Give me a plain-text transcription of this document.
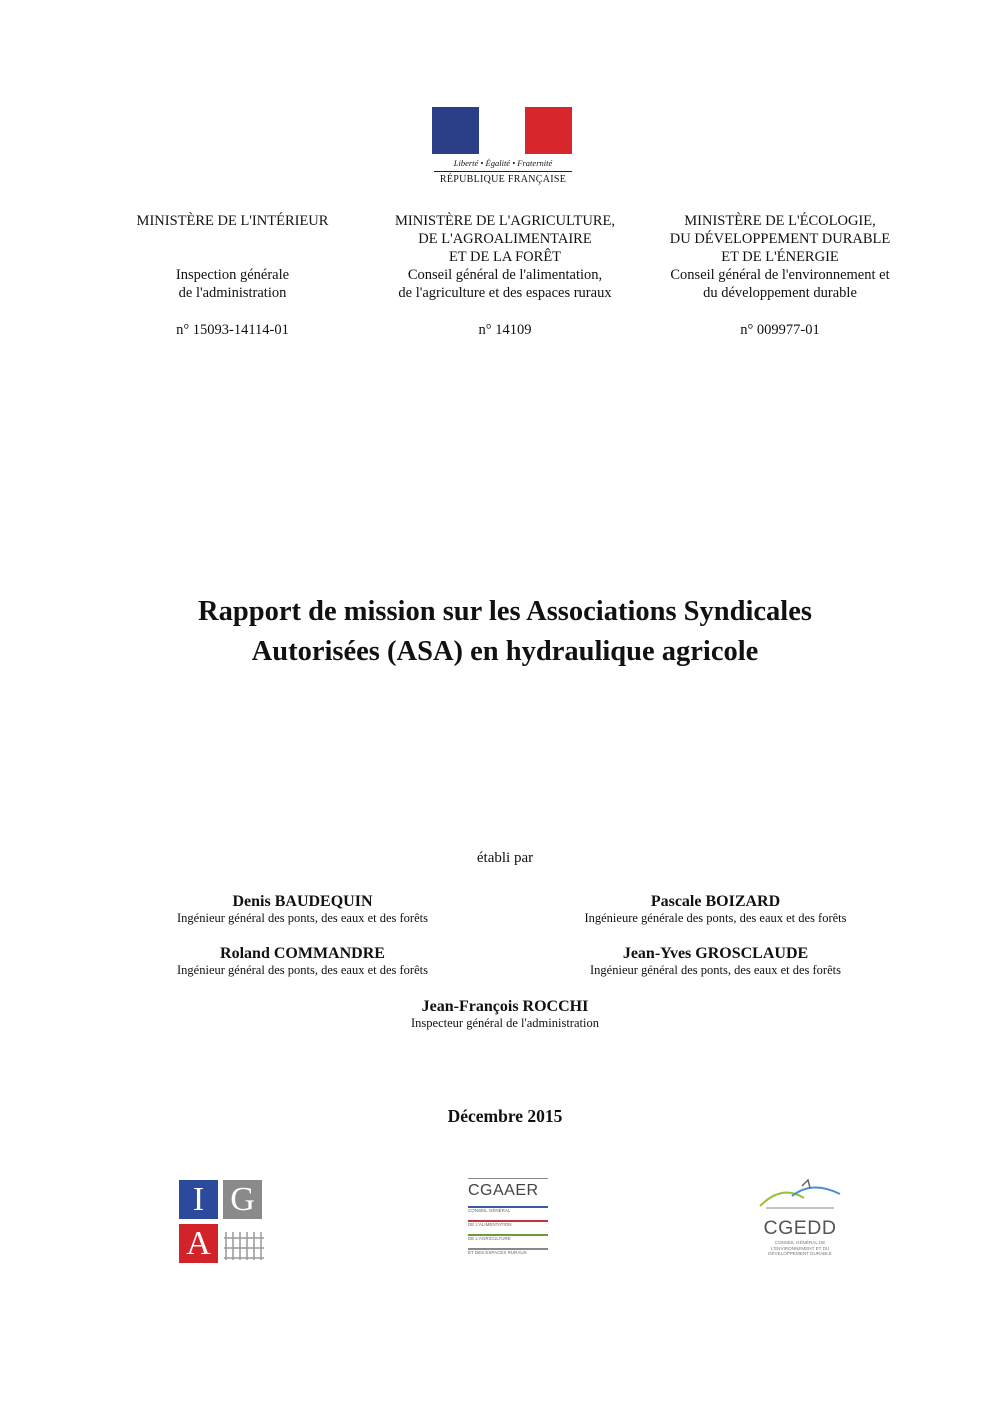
Liberté • Égalité • Fraternité
RÉPUBLIQUE FRANÇAISE
MINISTÈRE DE L'INTÉRIEUR
Inspection générale
de l'administration
n° 15093-14114-01
MINISTÈRE DE L'AGRICULTURE,
DE L'AGROALIMENTAIRE
ET DE LA FORÊT
Conseil général de l'alimentation,
de l'agriculture et des espaces ruraux
n° 14109
MINISTÈRE DE L'ÉCOLOGIE,
DU DÉVELOPPEMENT DURABLE
ET DE L'ÉNERGIE
Conseil général de l'environnement et
du développement durable
n° 009977-01
Rapport de mission sur les Associations Syndicales
Autorisées (ASA) en hydraulique agricole
établi par
Denis BAUDEQUIN
Ingénieur général des ponts, des eaux et des forêts
Pascale BOIZARD
Ingénieure générale des ponts, des eaux et des forêts
Roland COMMANDRE
Ingénieur général des ponts, des eaux et des forêts
Jean-Yves GROSCLAUDE
Ingénieur général des ponts, des eaux et des forêts
Jean-François ROCCHI
Inspecteur général de l'administration
Décembre 2015
I G
A
CGAAER
CONSEIL GÉNÉRAL
DE L'ALIMENTATION
DE L'AGRICULTURE
ET DES ESPACES RURAUX
CGEDD
CONSEIL GÉNÉRAL DE
L'ENVIRONNEMENT ET DU
DÉVELOPPEMENT DURABLE
